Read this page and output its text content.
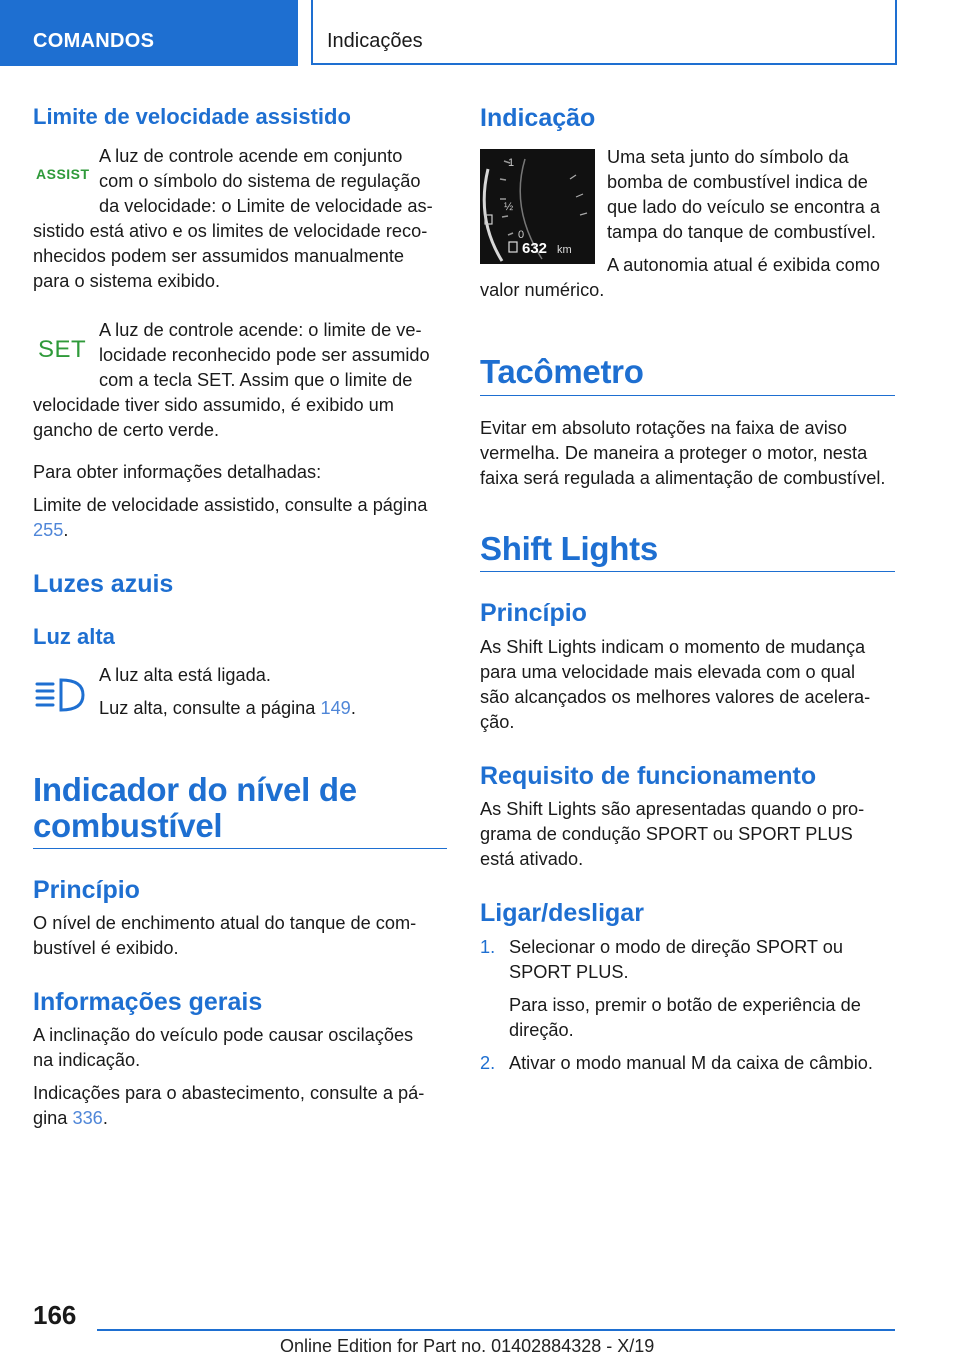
COMANDOS	Indicações
Limite de velocidade assistido
ASSIST
A luz de controle acende em conjunto
com o símbolo do sistema de regulação
da velocidade: o Limite de velocidade as-
sistido está ativo e os limites de velocidade reco-
nhecidos podem ser assumidos manualmente
para o sistema exibido.
SET
A luz de controle acende: o limite de ve-
locidade reconhecido pode ser assumido
com a tecla SET. Assim que o limite de
velocidade tiver sido assumido, é exibido um
gancho de certo verde.
Para obter informações detalhadas:
Limite de velocidade assistido, consulte a página
255.
Luzes azuis
Luz alta
A luz alta está ligada.
Luz alta, consulte a página 149.
Indicador do nível de
combustível
Princípio
O nível de enchimento atual do tanque de com-
bustível é exibido.
Informações gerais
A inclinação do veículo pode causar oscilações
na indicação.
Indicações para o abastecimento, consulte a pá-
gina 336.
Indicação
1
½
0
632 km
Uma seta junto do símbolo da
bomba de combustível indica de
que lado do veículo se encontra a
tampa do tanque de combustível.
A autonomia atual é exibida como
valor numérico.
Tacômetro
Evitar em absoluto rotações na faixa de aviso
vermelha. De maneira a proteger o motor, nesta
faixa será regulada a alimentação de combustível.
Shift Lights
Princípio
As Shift Lights indicam o momento de mudança
para uma velocidade mais elevada com o qual
são alcançados os melhores valores de acelera-
ção.
Requisito de funcionamento
As Shift Lights são apresentadas quando o pro-
grama de condução SPORT ou SPORT PLUS
está ativado.
Ligar/desligar
1. Selecionar o modo de direção SPORT ou
SPORT PLUS.
Para isso, premir o botão de experiência de
direção.
2. Ativar o modo manual M da caixa de câmbio.
166
Online Edition for Part no. 01402884328 - X/19
